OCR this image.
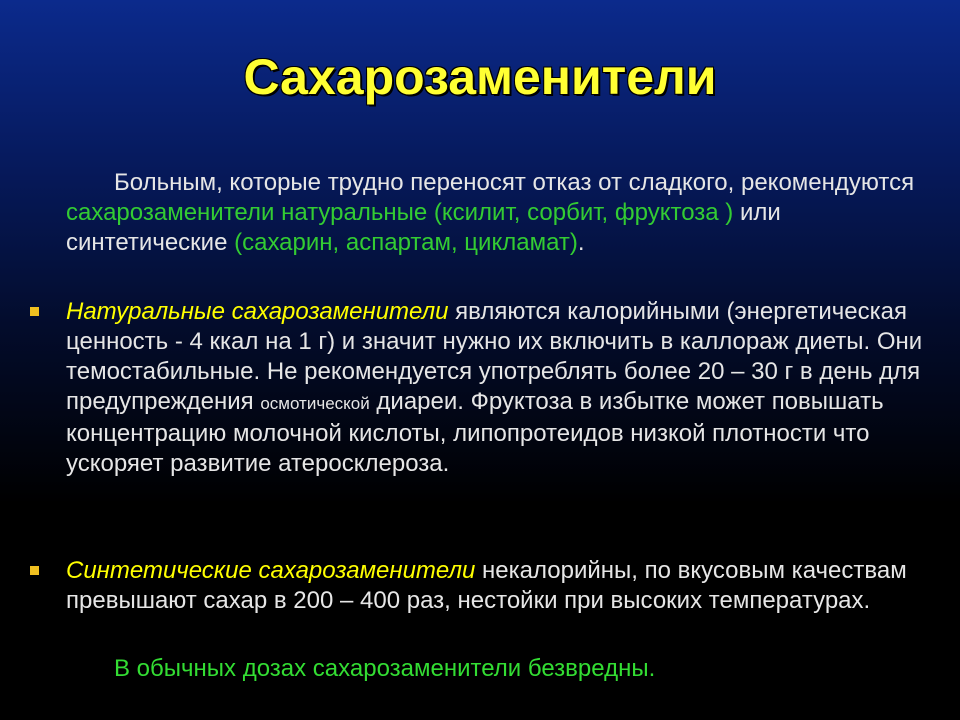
Сахарозаменители

Больным, которые трудно переносят отказ от сладкого, рекомендуются сахарозаменители натуральные (ксилит, сорбит, фруктоза ) или синтетические (сахарин, аспартам, цикламат).

Натуральные сахарозаменители являются калорийными (энергетическая ценность - 4 ккал на 1 г) и значит нужно их включить в каллораж диеты. Они темостабильные. Не рекомендуется употреблять более 20 – 30 г в день для предупреждения осмотической диареи. Фруктоза в избытке может повышать концентрацию молочной кислоты, липопротеидов низкой плотности что ускоряет развитие атеросклероза.

Синтетические сахарозаменители некалорийны, по вкусовым качествам превышают сахар в 200 – 400 раз, нестойки при высоких температурах.

В обычных дозах сахарозаменители безвредны.
